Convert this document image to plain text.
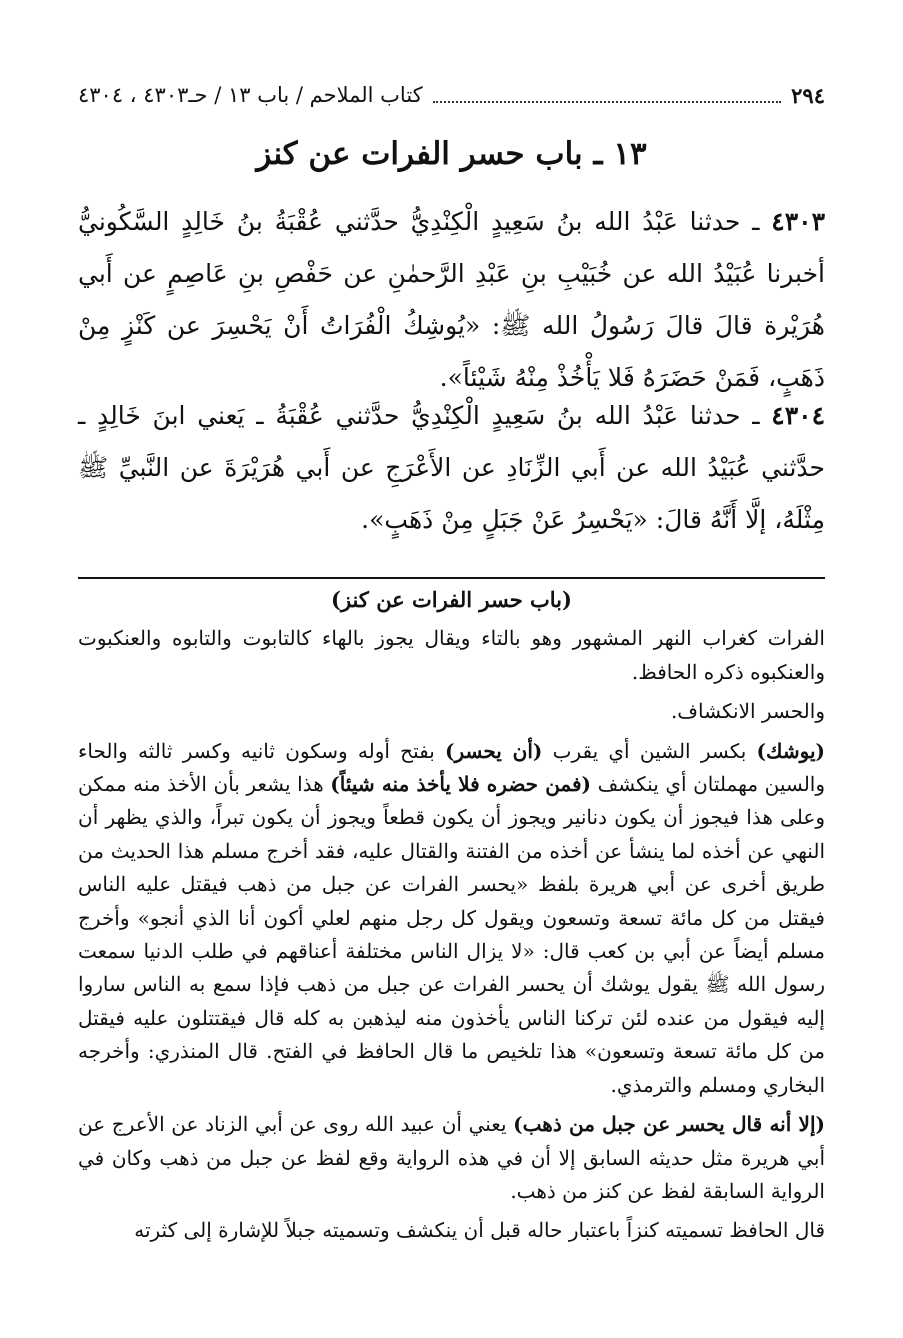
٢٩٤
كتاب الملاحم / باب ١٣ / حـ٤٣٠٣ ، ٤٣٠٤
١٣ ـ باب حسر الفرات عن كنز
٤٣٠٣ ـ حدثنا عَبْدُ الله بنُ سَعِيدٍ الْكِنْدِيُّ حدَّثني عُقْبَةُ بنُ خَالِدٍ السَّكُونيُّ أخبرنا عُبَيْدُ الله عن خُبَيْبِ بنِ عَبْدِ الرَّحمٰنِ عن حَفْصِ بنِ عَاصِمٍ عن أَبي هُرَيْرة قالَ قالَ رَسُولُ الله ﷺ: «يُوشِكُ الْفُرَاتُ أَنْ يَحْسِرَ عن كَنْزٍ مِنْ ذَهَبٍ، فَمَنْ حَضَرَهُ فَلا يَأْخُذْ مِنْهُ شَيْئاً».
٤٣٠٤ ـ حدثنا عَبْدُ الله بنُ سَعِيدٍ الْكِنْدِيُّ حدَّثني عُقْبَةُ ـ يَعني ابنَ خَالِدٍ ـ حدَّثني عُبَيْدُ الله عن أَبي الزِّنَادِ عن الأَعْرَجِ عن أَبي هُرَيْرَةَ عن النَّبيِّ ﷺ مِثْلَهُ، إلَّا أَنَّهُ قالَ: «يَحْسِرُ عَنْ جَبَلٍ مِنْ ذَهَبٍ».

(باب حسر الفرات عن كنز)

الفرات كغراب النهر المشهور وهو بالتاء ويقال يجوز بالهاء كالتابوت والتابوه والعنكبوت والعنكبوه ذكره الحافظ.

والحسر الانكشاف.

(يوشك) بكسر الشين أي يقرب (أن يحسر) بفتح أوله وسكون ثانيه وكسر ثالثه والحاء والسين مهملتان أي ينكشف (فمن حضره فلا يأخذ منه شيئاً) هذا يشعر بأن الأخذ منه ممكن وعلى هذا فيجوز أن يكون دنانير ويجوز أن يكون قطعاً ويجوز أن يكون تبراً، والذي يظهر أن النهي عن أخذه لما ينشأ عن أخذه من الفتنة والقتال عليه، فقد أخرج مسلم هذا الحديث من طريق أخرى عن أبي هريرة بلفظ «يحسر الفرات عن جبل من ذهب فيقتل عليه الناس فيقتل من كل مائة تسعة وتسعون ويقول كل رجل منهم لعلي أكون أنا الذي أنجو» وأخرج مسلم أيضاً عن أبي بن كعب قال: «لا يزال الناس مختلفة أعناقهم في طلب الدنيا سمعت رسول الله ﷺ يقول يوشك أن يحسر الفرات عن جبل من ذهب فإذا سمع به الناس ساروا إليه فيقول من عنده لئن تركنا الناس يأخذون منه ليذهبن به كله قال فيقتتلون عليه فيقتل من كل مائة تسعة وتسعون» هذا تلخيص ما قال الحافظ في الفتح. قال المنذري: وأخرجه البخاري ومسلم والترمذي.

(إلا أنه قال يحسر عن جبل من ذهب) يعني أن عبيد الله روى عن أبي الزناد عن الأعرج عن أبي هريرة مثل حديثه السابق إلا أن في هذه الرواية وقع لفظ عن جبل من ذهب وكان في الرواية السابقة لفظ عن كنز من ذهب.

قال الحافظ تسميته كنزاً باعتبار حاله قبل أن ينكشف وتسميته جبلاً للإشارة إلى كثرته
